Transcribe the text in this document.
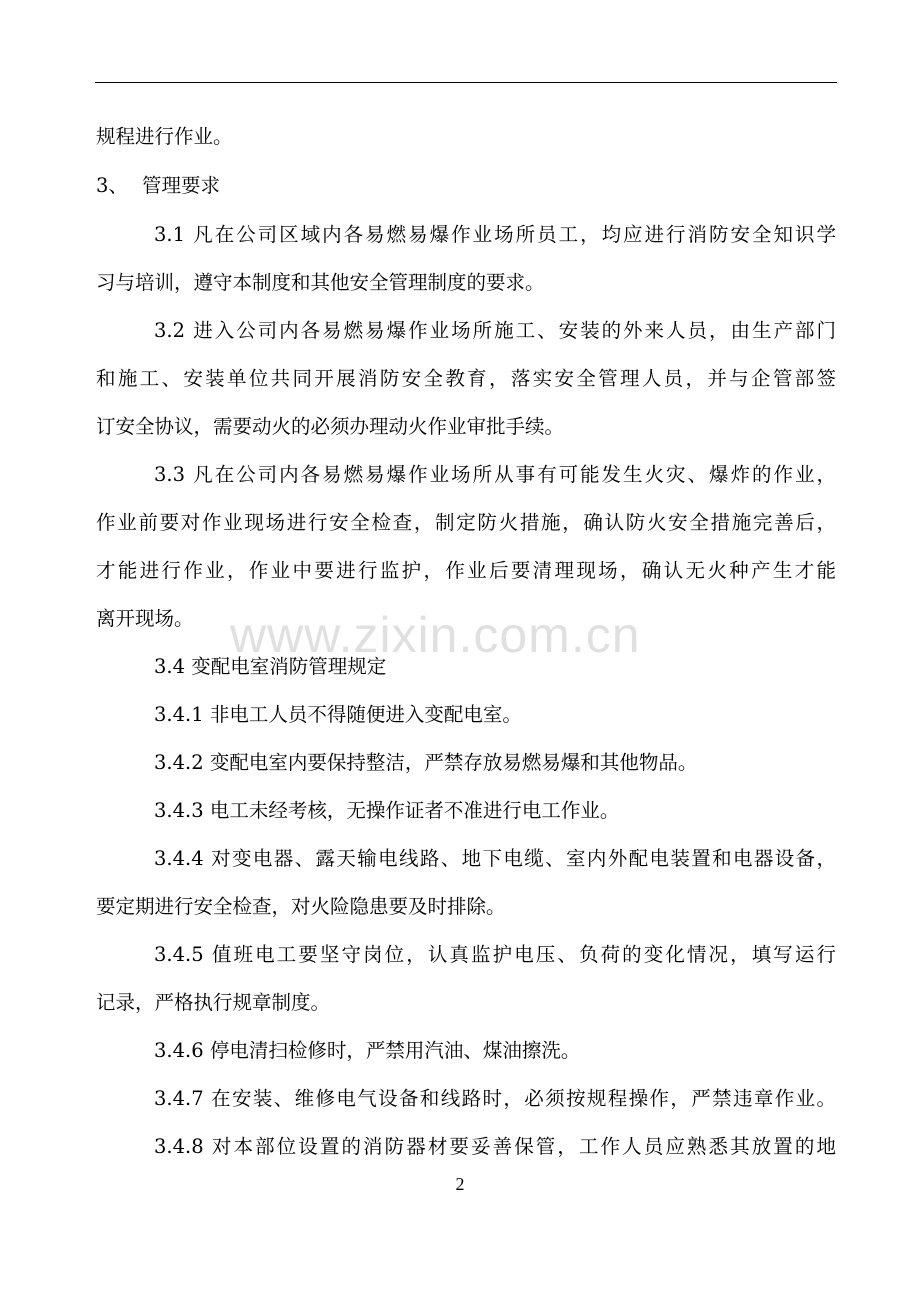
规程进行作业。
3、 管理要求
3.1 凡在公司区域内各易燃易爆作业场所员工，均应进行消防安全知识学
习与培训，遵守本制度和其他安全管理制度的要求。
3.2 进入公司内各易燃易爆作业场所施工、安装的外来人员，由生产部门
和施工、安装单位共同开展消防安全教育，落实安全管理人员，并与企管部签
订安全协议，需要动火的必须办理动火作业审批手续。
3.3 凡在公司内各易燃易爆作业场所从事有可能发生火灾、爆炸的作业，
作业前要对作业现场进行安全检查，制定防火措施，确认防火安全措施完善后，
才能进行作业，作业中要进行监护，作业后要清理现场，确认无火种产生才能
离开现场。
3.4 变配电室消防管理规定
3.4.1 非电工人员不得随便进入变配电室。
3.4.2 变配电室内要保持整洁，严禁存放易燃易爆和其他物品。
3.4.3 电工未经考核，无操作证者不准进行电工作业。
3.4.4 对变电器、露天输电线路、地下电缆、室内外配电装置和电器设备，
要定期进行安全检查，对火险隐患要及时排除。
3.4.5 值班电工要坚守岗位，认真监护电压、负荷的变化情况，填写运行
记录，严格执行规章制度。
3.4.6 停电清扫检修时，严禁用汽油、煤油擦洗。
3.4.7 在安装、维修电气设备和线路时，必须按规程操作，严禁违章作业。
3.4.8 对本部位设置的消防器材要妥善保管，工作人员应熟悉其放置的地
www.zixin.com.cn
2
